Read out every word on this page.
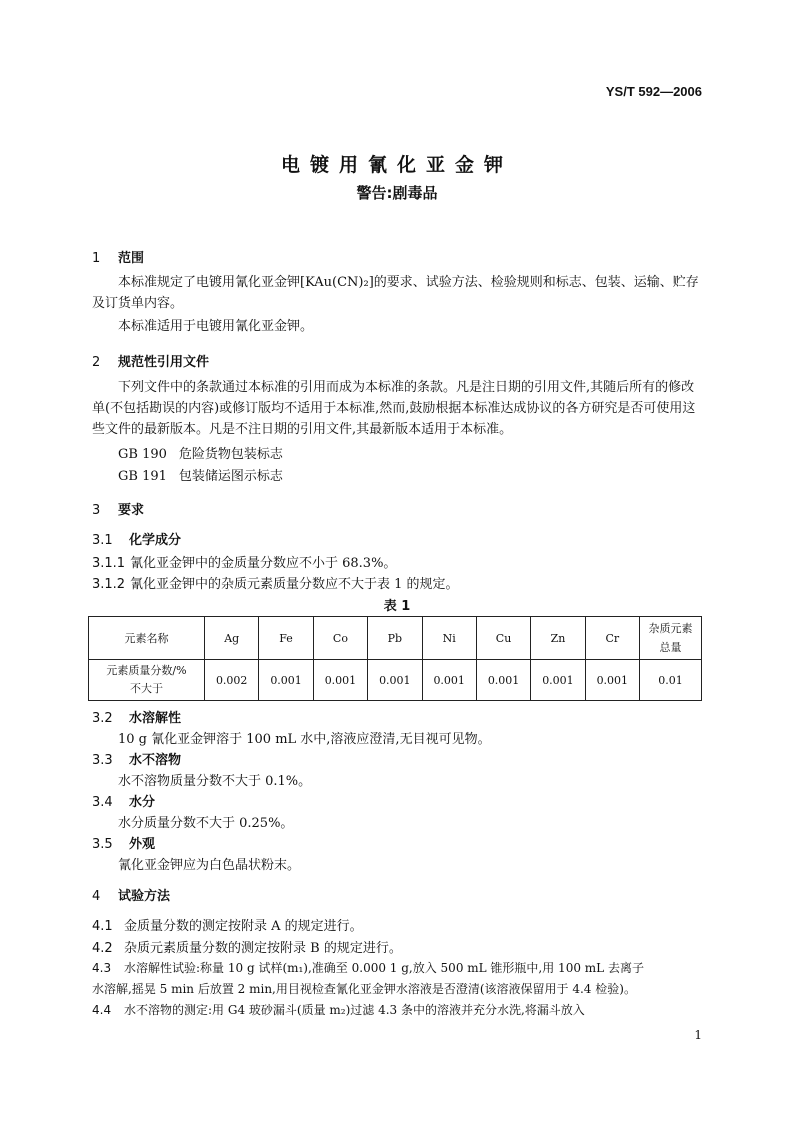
YS/T 592—2006
电镀用氰化亚金钾
警告:剧毒品
1 范围
本标准规定了电镀用氰化亚金钾[KAu(CN)₂]的要求、试验方法、检验规则和标志、包装、运输、贮存及订货单内容。
本标准适用于电镀用氰化亚金钾。
2 规范性引用文件
下列文件中的条款通过本标准的引用而成为本标准的条款。凡是注日期的引用文件,其随后所有的修改单(不包括勘误的内容)或修订版均不适用于本标准,然而,鼓励根据本标准达成协议的各方研究是否可使用这些文件的最新版本。凡是不注日期的引用文件,其最新版本适用于本标准。
GB 190 危险货物包装标志
GB 191 包装储运图示标志
3 要求
3.1 化学成分
3.1.1 氰化亚金钾中的金质量分数应不小于 68.3%。
3.1.2 氰化亚金钾中的杂质元素质量分数应不大于表 1 的规定。
表 1
元素名称	Ag	Fe	Co	Pb	Ni	Cu	Zn	Cr	杂质元素
总量

元素质量分数/%
不大于	0.002	0.001	0.001	0.001	0.001	0.001	0.001	0.001	0.01
3.2 水溶解性
10 g 氰化亚金钾溶于 100 mL 水中,溶液应澄清,无目视可见物。
3.3 水不溶物
水不溶物质量分数不大于 0.1%。
3.4 水分
水分质量分数不大于 0.25%。
3.5 外观
氰化亚金钾应为白色晶状粉末。
4 试验方法
4.1 金质量分数的测定按附录 A 的规定进行。
4.2 杂质元素质量分数的测定按附录 B 的规定进行。
4.3 水溶解性试验:称量 10 g 试样(m₁),准确至 0.000 1 g,放入 500 mL 锥形瓶中,用 100 mL 去离子
水溶解,摇晃 5 min 后放置 2 min,用目视检查氰化亚金钾水溶液是否澄清(该溶液保留用于 4.4 检验)。
4.4 水不溶物的测定:用 G4 玻砂漏斗(质量 m₂)过滤 4.3 条中的溶液并充分水洗,将漏斗放入
1
